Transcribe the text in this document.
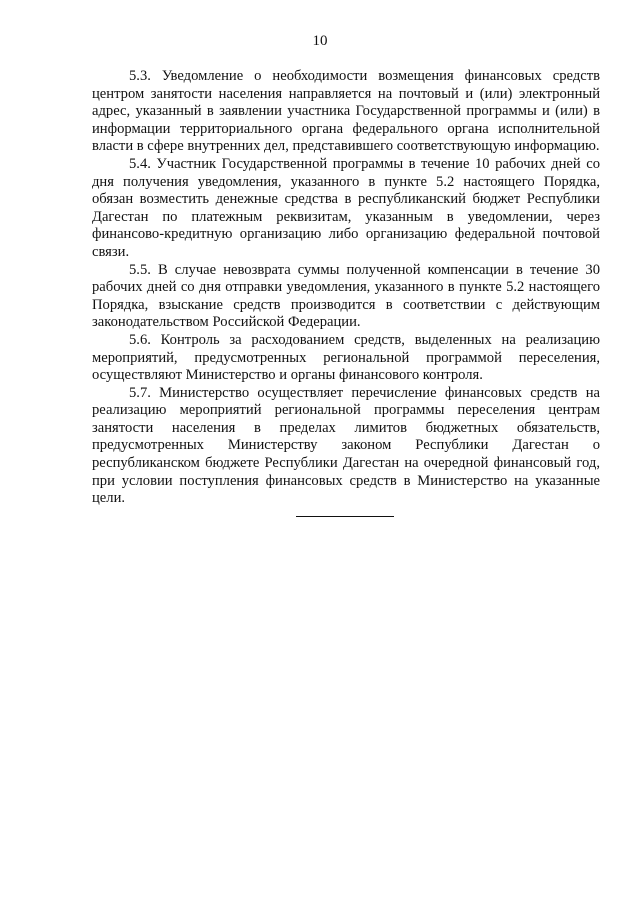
10

5.3. Уведомление о необходимости возмещения финансовых средств центром занятости населения направляется на почтовый и (или) электронный адрес, указанный в заявлении участника Государственной программы и (или) в информации территориального органа федерального органа исполнительной власти в сфере внутренних дел, представившего соответствующую информацию.

5.4. Участник Государственной программы в течение 10 рабочих дней со дня получения уведомления, указанного в пункте 5.2 настоящего Порядка, обязан возместить денежные средства в республиканский бюджет Республики Дагестан по платежным реквизитам, указанным в уведомлении, через финансово-кредитную организацию либо организацию федеральной почтовой связи.

5.5. В случае невозврата суммы полученной компенсации в течение 30 рабочих дней со дня отправки уведомления, указанного в пункте 5.2 настоящего Порядка, взыскание средств производится в соответствии с действующим законодательством Российской Федерации.

5.6. Контроль за расходованием средств, выделенных на реализацию мероприятий, предусмотренных региональной программой переселения, осуществляют Министерство и органы финансового контроля.

5.7. Министерство осуществляет перечисление финансовых средств на реализацию мероприятий региональной программы переселения центрам занятости населения в пределах лимитов бюджетных обязательств, предусмотренных Министерству законом Республики Дагестан о республиканском бюджете Республики Дагестан на очередной финансовый год, при условии поступления финансовых средств в Министерство на указанные цели.
